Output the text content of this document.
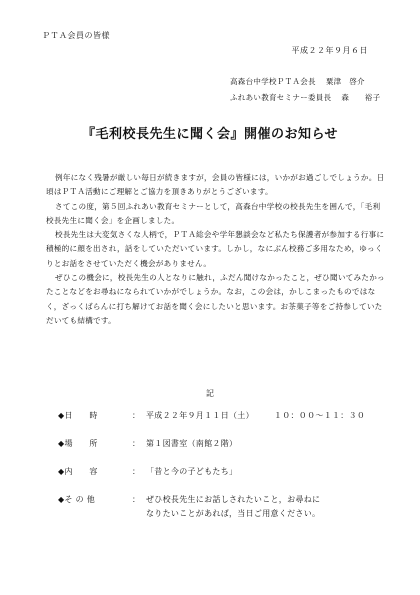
ＰＴＡ会員の皆様
平成２２年９月６日
高森台中学校ＰＴＡ会長 粟津　啓介
ふれあい教育セミナー委員長 森　　裕子
『毛利校長先生に聞く会』開催のお知らせ

例年になく残暑が厳しい毎日が続きますが，会員の皆様には，いかがお過ごしでしょうか。日頃はＰＴＡ活動にご理解とご協力を頂きありがとうございます。

さてこの度，第５回ふれあい教育セミナーとして，高森台中学校の校長先生を囲んで，「毛利校長先生に聞く会」を企画しました。

校長先生は大変気さくな人柄で，ＰＴＡ総会や学年懇談会など私たち保護者が参加する行事に積極的に顔を出され，話をしていただいています。しかし，なにぶん校務ご多用なため，ゆっくりとお話をさせていただく機会がありません。

ぜひこの機会に，校長先生の人となりに触れ，ふだん聞けなかったこと，ぜひ聞いてみたかったことなどをお尋ねになられていかがでしょうか。なお，この会は，かしこまったものではなく，ざっくばらんに打ち解けてお話を聞く会にしたいと思います。お茶菓子等をご持参していただいても結構です。

記
◆日　　時	： 平成２２年９月１１日（土）	１０：００～１１：３０
◆場　　所	： 第１図書室（南館２階）
◆内　　容	： 「昔と今の子どもたち」
◆そ の 他	： ぜひ校長先生にお話しされたいこと，お尋ねに
なりたいことがあれば，当日ご用意ください。
